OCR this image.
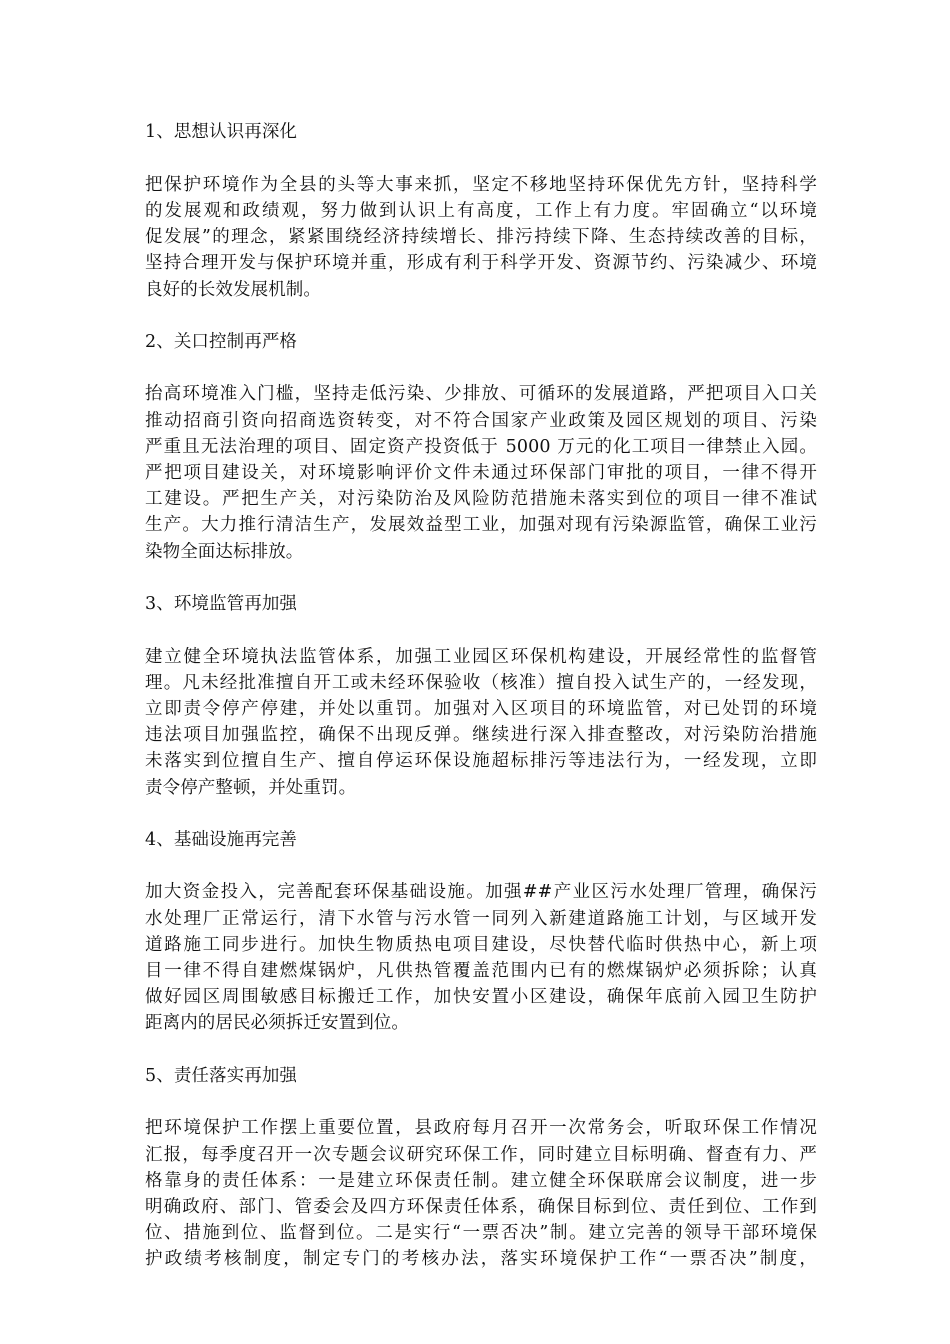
1、思想认识再深化
把保护环境作为全县的头等大事来抓，坚定不移地坚持环保优先方针，坚持科学
的发展观和政绩观，努力做到认识上有高度，工作上有力度。牢固确立“以环境
促发展”的理念，紧紧围绕经济持续增长、排污持续下降、生态持续改善的目标，
坚持合理开发与保护环境并重，形成有利于科学开发、资源节约、污染减少、环境
良好的长效发展机制。
2、关口控制再严格
抬高环境准入门槛，坚持走低污染、少排放、可循环的发展道路，严把项目入口关
推动招商引资向招商选资转变，对不符合国家产业政策及园区规划的项目、污染
严重且无法治理的项目、固定资产投资低于 5000 万元的化工项目一律禁止入园。
严把项目建设关，对环境影响评价文件未通过环保部门审批的项目，一律不得开
工建设。严把生产关，对污染防治及风险防范措施未落实到位的项目一律不准试
生产。大力推行清洁生产，发展效益型工业，加强对现有污染源监管，确保工业污
染物全面达标排放。
3、环境监管再加强
建立健全环境执法监管体系，加强工业园区环保机构建设，开展经常性的监督管
理。凡未经批准擅自开工或未经环保验收（核准）擅自投入试生产的，一经发现，
立即责令停产停建，并处以重罚。加强对入区项目的环境监管，对已处罚的环境
违法项目加强监控，确保不出现反弹。继续进行深入排查整改，对污染防治措施
未落实到位擅自生产、擅自停运环保设施超标排污等违法行为，一经发现，立即
责令停产整顿，并处重罚。
4、基础设施再完善
加大资金投入，完善配套环保基础设施。加强##产业区污水处理厂管理，确保污
水处理厂正常运行，清下水管与污水管一同列入新建道路施工计划，与区域开发
道路施工同步进行。加快生物质热电项目建设，尽快替代临时供热中心，新上项
目一律不得自建燃煤锅炉，凡供热管覆盖范围内已有的燃煤锅炉必须拆除；认真
做好园区周围敏感目标搬迁工作，加快安置小区建设，确保年底前入园卫生防护
距离内的居民必须拆迁安置到位。
5、责任落实再加强
把环境保护工作摆上重要位置，县政府每月召开一次常务会，听取环保工作情况
汇报，每季度召开一次专题会议研究环保工作，同时建立目标明确、督查有力、严
格靠身的责任体系：一是建立环保责任制。建立健全环保联席会议制度，进一步
明确政府、部门、管委会及四方环保责任体系，确保目标到位、责任到位、工作到
位、措施到位、监督到位。二是实行“一票否决”制。建立完善的领导干部环境保
护政绩考核制度，制定专门的考核办法，落实环境保护工作“一票否决”制度，
